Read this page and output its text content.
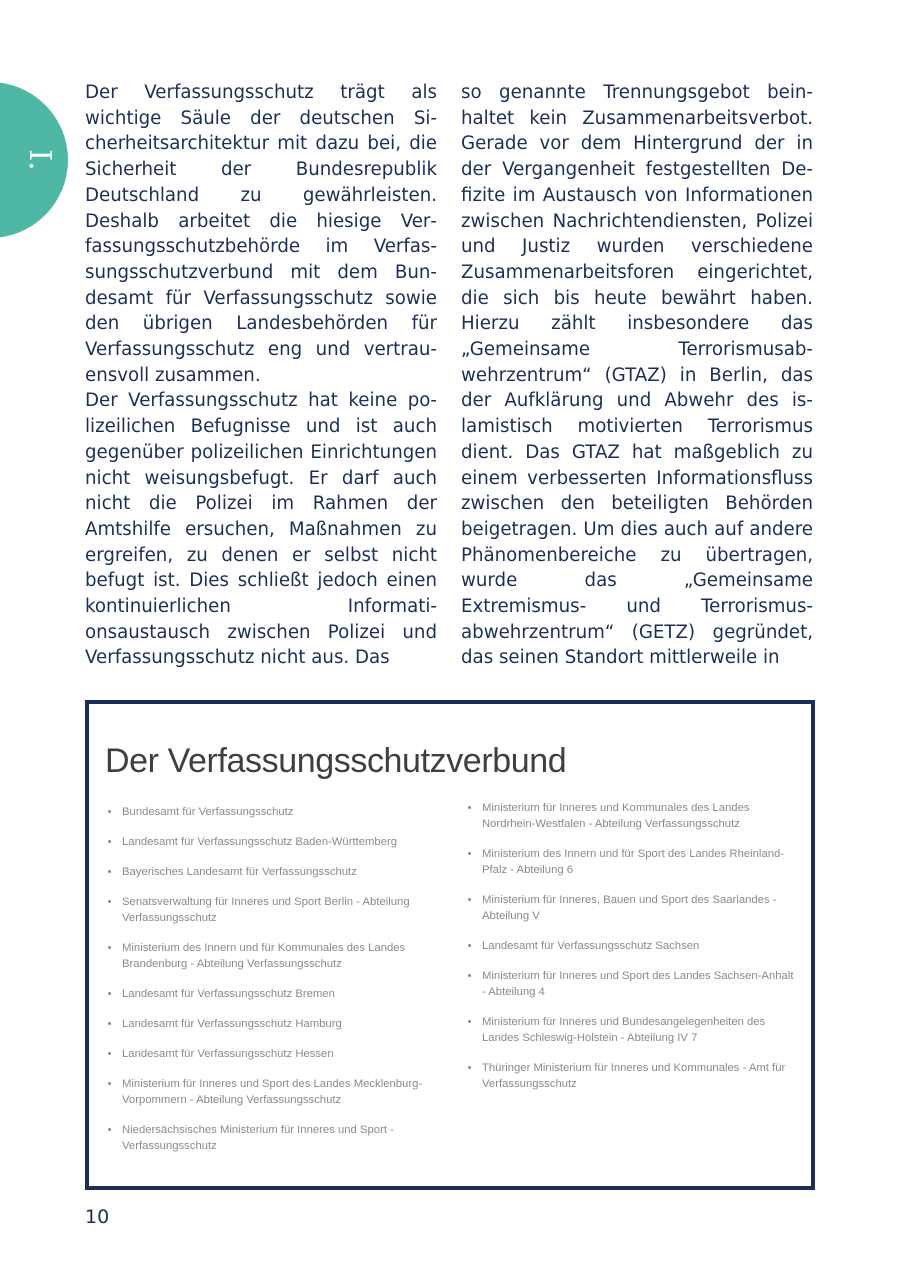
I.

Der Verfassungsschutz trägt als wichtige Säule der deutschen Sicherheitsarchitektur mit dazu bei, die Sicherheit der Bundesrepublik Deutschland zu gewährleisten. Deshalb arbeitet die hiesige Verfassungsschutzbehörde im Verfassungsschutzverbund mit dem Bundesamt für Verfassungsschutz sowie den übrigen Landesbehörden für Verfassungsschutz eng und vertrauensvoll zusammen.

Der Verfassungsschutz hat keine polizeilichen Befugnisse und ist auch gegenüber polizeilichen Einrichtungen nicht weisungsbefugt. Er darf auch nicht die Polizei im Rahmen der Amtshilfe ersuchen, Maßnahmen zu ergreifen, zu denen er selbst nicht befugt ist. Dies schließt jedoch einen kontinuierlichen Informationsaustausch zwischen Polizei und Verfassungsschutz nicht aus. Das

so genannte Trennungsgebot beinhaltet kein Zusammenarbeitsverbot. Gerade vor dem Hintergrund der in der Vergangenheit festgestellten Defizite im Austausch von Informationen zwischen Nachrichtendiensten, Polizei und Justiz wurden verschiedene Zusammenarbeitsforen eingerichtet, die sich bis heute bewährt haben. Hierzu zählt insbesondere das „Gemeinsame Terrorismusabwehrzentrum“ (GTAZ) in Berlin, das der Aufklärung und Abwehr des islamistisch motivierten Terrorismus dient. Das GTAZ hat maßgeblich zu einem verbesserten Informationsfluss zwischen den beteiligten Behörden beigetragen. Um dies auch auf andere Phänomenbereiche zu übertragen, wurde das „Gemeinsame Extremismus- und Terrorismusabwehrzentrum“ (GETZ) gegründet, das seinen Standort mittlerweile in

Der Verfassungsschutzverbund
Bundesamt für Verfassungsschutz
Landesamt für Verfassungsschutz Baden-Württemberg
Bayerisches Landesamt für Verfassungsschutz
Senatsverwaltung für Inneres und Sport Berlin - Abteilung Verfassungsschutz
Ministerium des Innern und für Kommunales des Landes Brandenburg - Abteilung Verfassungsschutz
Landesamt für Verfassungsschutz Bremen
Landesamt für Verfassungsschutz Hamburg
Landesamt für Verfassungsschutz Hessen
Ministerium für Inneres und Sport des Landes Mecklenburg-Vorpommern - Abteilung Verfassungsschutz
Niedersächsisches Ministerium für Inneres und Sport - Verfassungsschutz
Ministerium für Inneres und Kommunales des Landes Nordrhein-Westfalen - Abteilung Verfassungsschutz
Ministerium des Innern und für Sport des Landes Rheinland-Pfalz - Abteilung 6
Ministerium für Inneres, Bauen und Sport des Saarlandes - Abteilung V
Landesamt für Verfassungsschutz Sachsen
Ministerium für Inneres und Sport des Landes Sachsen-Anhalt - Abteilung 4
Ministerium für Inneres und Bundesangelegenheiten des Landes Schleswig-Holstein - Abteilung IV 7
Thüringer Ministerium für Inneres und Kommunales - Amt für Verfassungsschutz
10
